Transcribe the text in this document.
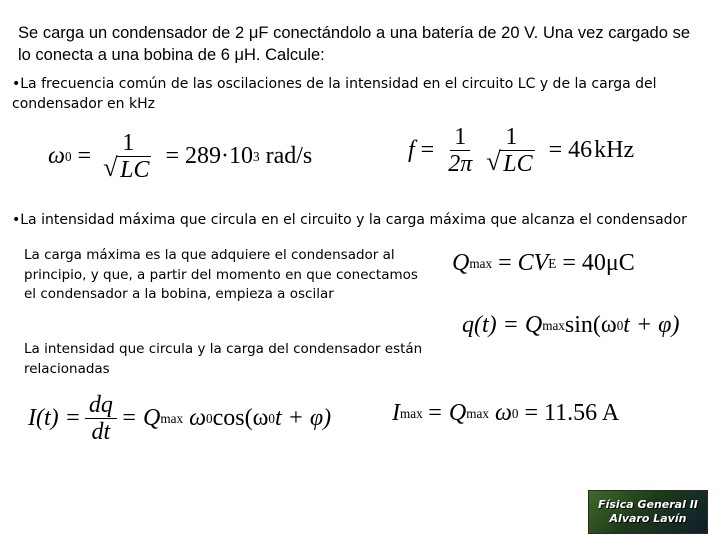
Se carga un condensador de 2 μF conectándolo a una batería de 20 V. Una vez cargado se lo conecta a una bobina de 6 μH. Calcule:
•La frecuencia común de las oscilaciones de la intensidad en el circuito LC y de la carga del condensador en kHz
ω 0 = 1
√ LC = 289·10 3 rad/s	$f = \frac{1}{2\pi} 1$
√ LC = 46 kHz
•La intensidad máxima que circula en el circuito y la carga máxima que alcanza el condensador
La carga máxima es la que adquiere el condensador al principio, y que, a partir del momento en que conectamos el condensador a la bobina, empieza a oscilar
Q max = CV E = 40 μC
q(t) = Q max sin(ω 0 t + φ)
La intensidad que circula y la carga del condensador están relacionadas
$I(t) = \frac{dq}{dt} = Q$ max ω 0 cos(ω 0 t + φ)	I max = Q max ω 0 = 11.56 A
Física General II
Alvaro Lavín
